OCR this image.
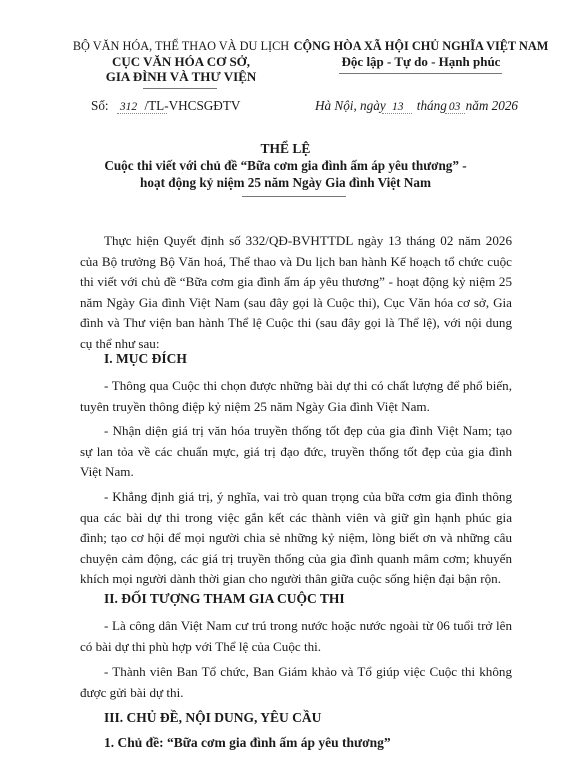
BỘ VĂN HÓA, THỂ THAO VÀ DU LỊCH
CỤC VĂN HÓA CƠ SỞ,
GIA ĐÌNH VÀ THƯ VIỆN
CỘNG HÒA XÃ HỘI CHỦ NGHĨA VIỆT NAM
Độc lập - Tự do - Hạnh phúc
Số: 312 /TL-VHCSGĐTV	Hà Nội, ngày 13 tháng 03 năm 2026
THỂ LỆ
Cuộc thi viết với chủ đề “Bữa cơm gia đình ấm áp yêu thương” -
hoạt động kỷ niệm 25 năm Ngày Gia đình Việt Nam

Thực hiện Quyết định số 332/QĐ-BVHTTDL ngày 13 tháng 02 năm 2026 của Bộ trưởng Bộ Văn hoá, Thể thao và Du lịch ban hành Kế hoạch tổ chức cuộc thi viết với chủ đề “Bữa cơm gia đình ấm áp yêu thương” - hoạt động kỷ niệm 25 năm Ngày Gia đình Việt Nam (sau đây gọi là Cuộc thi), Cục Văn hóa cơ sở, Gia đình và Thư viện ban hành Thể lệ Cuộc thi (sau đây gọi là Thể lệ), với nội dung cụ thể như sau:

I. MỤC ĐÍCH

- Thông qua Cuộc thi chọn được những bài dự thi có chất lượng để phổ biến, tuyên truyền thông điệp kỷ niệm 25 năm Ngày Gia đình Việt Nam.

- Nhận diện giá trị văn hóa truyền thống tốt đẹp của gia đình Việt Nam; tạo sự lan tỏa về các chuẩn mực, giá trị đạo đức, truyền thống tốt đẹp của gia đình Việt Nam.

- Khẳng định giá trị, ý nghĩa, vai trò quan trọng của bữa cơm gia đình thông qua các bài dự thi trong việc gắn kết các thành viên và giữ gìn hạnh phúc gia đình; tạo cơ hội để mọi người chia sẻ những kỷ niệm, lòng biết ơn và những câu chuyện cảm động, các giá trị truyền thống của gia đình quanh mâm cơm; khuyến khích mọi người dành thời gian cho người thân giữa cuộc sống hiện đại bận rộn.

II. ĐỐI TƯỢNG THAM GIA CUỘC THI

- Là công dân Việt Nam cư trú trong nước hoặc nước ngoài từ 06 tuổi trở lên có bài dự thi phù hợp với Thể lệ của Cuộc thi.

- Thành viên Ban Tổ chức, Ban Giám khảo và Tổ giúp việc Cuộc thi không được gửi bài dự thi.

III. CHỦ ĐỀ, NỘI DUNG, YÊU CẦU
1. Chủ đề: “Bữa cơm gia đình ấm áp yêu thương”
